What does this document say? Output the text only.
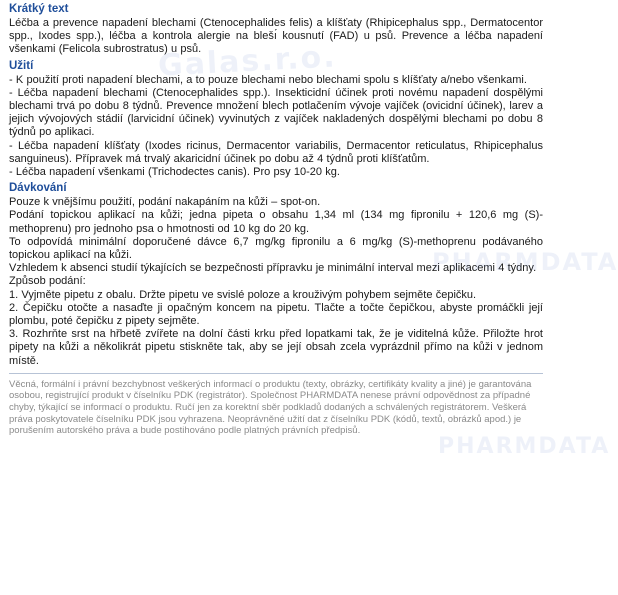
Galas.r.o.
PHARMDATA
PHARMDATA
Krátký text

Léčba a prevence napadení blechami (Ctenocephalides felis) a klíšťaty (Rhipicephalus spp., Dermatocentor spp., Ixodes spp.), léčba a kontrola alergie na blešı́ kousnutí (FAD) u psů. Prevence a léčba napadení všenkami (Felicola subrostratus) u psů.

Užití

- K použití proti napadení blechami, a to pouze blechami nebo blechami spolu s klíšťaty a/nebo všenkami.

- Léčba napadení blechami (Ctenocephalides spp.). Insekticidní účinek proti novému napadení dospělými blechami trvá po dobu 8 týdnů. Prevence množení blech potlačením vývoje vajíček (ovicidní účinek), larev a jejich vývojových stádií (larvicidní účinek) vyvinutých z vajíček nakladených dospělými blechami po dobu 8 týdnů po aplikaci.

- Léčba napadení klíšťaty (Ixodes ricinus, Dermacentor variabilis, Dermacentor reticulatus, Rhipicephalus sanguineus). Přípravek má trvalý akaricidní účinek po dobu až 4 týdnů proti klíšťatům.

- Léčba napadení všenkami (Trichodectes canis). Pro psy 10-20 kg.

Dávkování

Pouze k vnějšímu použití, podání nakapáním na kůži – spot-on.

Podání topickou aplikací na kůži; jedna pipeta o obsahu 1,34 ml (134 mg fipronilu + 120,6 mg (S)-methoprenu) pro jednoho psa o hmotnosti od 10 kg do 20 kg.

To odpovídá minimální doporučené dávce 6,7 mg/kg fipronilu a 6 mg/kg (S)-methoprenu podávaného topickou aplikací na kůži.

Vzhledem k absenci studií týkajících se bezpečnosti přípravku je minimální interval mezi aplikacemi 4 týdny.

Způsob podání:

1. Vyjměte pipetu z obalu. Držte pipetu ve svislé poloze a krouživým pohybem sejměte čepičku.

2. Čepičku otočte a nasaďte ji opačným koncem na pipetu. Tlačte a točte čepičkou, abyste promáčkli její plombu, poté čepičku z pipety sejměte.

3. Rozhrňte srst na hřbetě zvířete na dolní části krku před lopatkami tak, že je viditelná kůže. Přiložte hrot pipety na kůži a několikrát pipetu stiskněte tak, aby se její obsah zcela vyprázdnil přímo na kůži v jednom místě.

Věcná, formální i právní bezchybnost veškerých informací o produktu (texty, obrázky, certifikáty kvality a jiné) je garantována osobou, registrující produkt v číselníku PDK (registrátor). Společnost PHARMDATA nenese právní odpovědnost za případné chyby, týkající se informací o produktu. Ručí jen za korektní sběr podkladů dodaných a schválených registrátorem. Veškerá práva poskytovatele číselníku PDK jsou vyhrazena. Neoprávněné užití dat z číselníku PDK (kódů, textů, obrázků apod.) je porušením autorského práva a bude postihováno podle platných právních předpisů.
